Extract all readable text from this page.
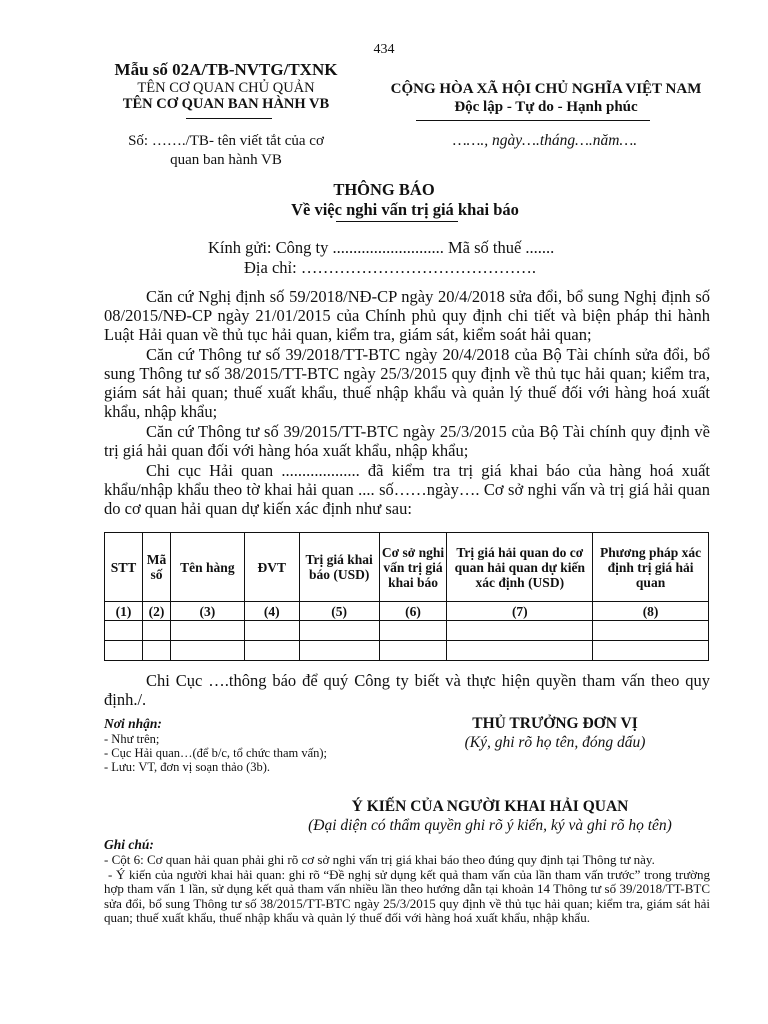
434
Mẫu số 02A/TB-NVTG/TXNK
TÊN CƠ QUAN CHỦ QUẢN
TÊN CƠ QUAN BAN HÀNH VB
Số: ……./TB- tên viết tắt của cơ
quan ban hành VB
CỘNG HÒA XÃ HỘI CHỦ NGHĨA VIỆT NAM
Độc lập - Tự do - Hạnh phúc
……., ngày….tháng….năm….
THÔNG BÁO
Về việc nghi vấn trị giá khai báo
Kính gửi: Công ty ........................... Mã số thuế .......
Địa chỉ: …………………………………….
Căn cứ Nghị định số 59/2018/NĐ-CP ngày 20/4/2018 sửa đổi, bổ sung Nghị định số 08/2015/NĐ-CP ngày 21/01/2015 của Chính phủ quy định chi tiết và biện pháp thi hành Luật Hải quan về thủ tục hải quan, kiểm tra, giám sát, kiểm soát hải quan;
Căn cứ Thông tư số 39/2018/TT-BTC ngày 20/4/2018 của Bộ Tài chính sửa đổi, bổ sung Thông tư số 38/2015/TT-BTC ngày 25/3/2015 quy định về thủ tục hải quan; kiểm tra, giám sát hải quan; thuế xuất khẩu, thuế nhập khẩu và quản lý thuế đối với hàng hoá xuất khẩu, nhập khẩu;
Căn cứ Thông tư số 39/2015/TT-BTC ngày 25/3/2015 của Bộ Tài chính quy định về trị giá hải quan đối với hàng hóa xuất khẩu, nhập khẩu;
Chi cục Hải quan ................... đã kiểm tra trị giá khai báo của hàng hoá xuất khẩu/nhập khẩu theo tờ khai hải quan .... số……ngày…. Cơ sở nghi vấn và trị giá hải quan do cơ quan hải quan dự kiến xác định như sau:
STT	Mã số	Tên hàng	ĐVT	Trị giá khai báo (USD)	Cơ sở nghi vấn trị giá khai báo	Trị giá hải quan do cơ quan hải quan dự kiến xác định (USD)	Phương pháp xác định trị giá hải quan
(1)	(2)	(3)	(4)	(5)	(6)	(7)	(8)

Chi Cục ….thông báo để quý Công ty biết và thực hiện quyền tham vấn theo quy định./.
Nơi nhận:
- Như trên;
- Cục Hải quan…(để b/c, tổ chức tham vấn);
- Lưu: VT, đơn vị soạn thảo (3b).
THỦ TRƯỞNG ĐƠN VỊ
(Ký, ghi rõ họ tên, đóng dấu)
Ý KIẾN CỦA NGƯỜI KHAI HẢI QUAN
(Đại diện có thẩm quyền ghi rõ ý kiến, ký và ghi rõ họ tên)
Ghi chú:
- Cột 6: Cơ quan hải quan phải ghi rõ cơ sở nghi vấn trị giá khai báo theo đúng quy định tại Thông tư này.
- Ý kiến của người khai hải quan: ghi rõ “Đề nghị sử dụng kết quả tham vấn của lần tham vấn trước” trong trường hợp tham vấn 1 lần, sử dụng kết quả tham vấn nhiều lần theo hướng dẫn tại khoản 14 Thông tư số 39/2018/TT-BTC sửa đổi, bổ sung Thông tư số 38/2015/TT-BTC ngày 25/3/2015 quy định về thủ tục hải quan; kiểm tra, giám sát hải quan; thuế xuất khẩu, thuế nhập khẩu và quản lý thuế đối với hàng hoá xuất khẩu, nhập khẩu.
